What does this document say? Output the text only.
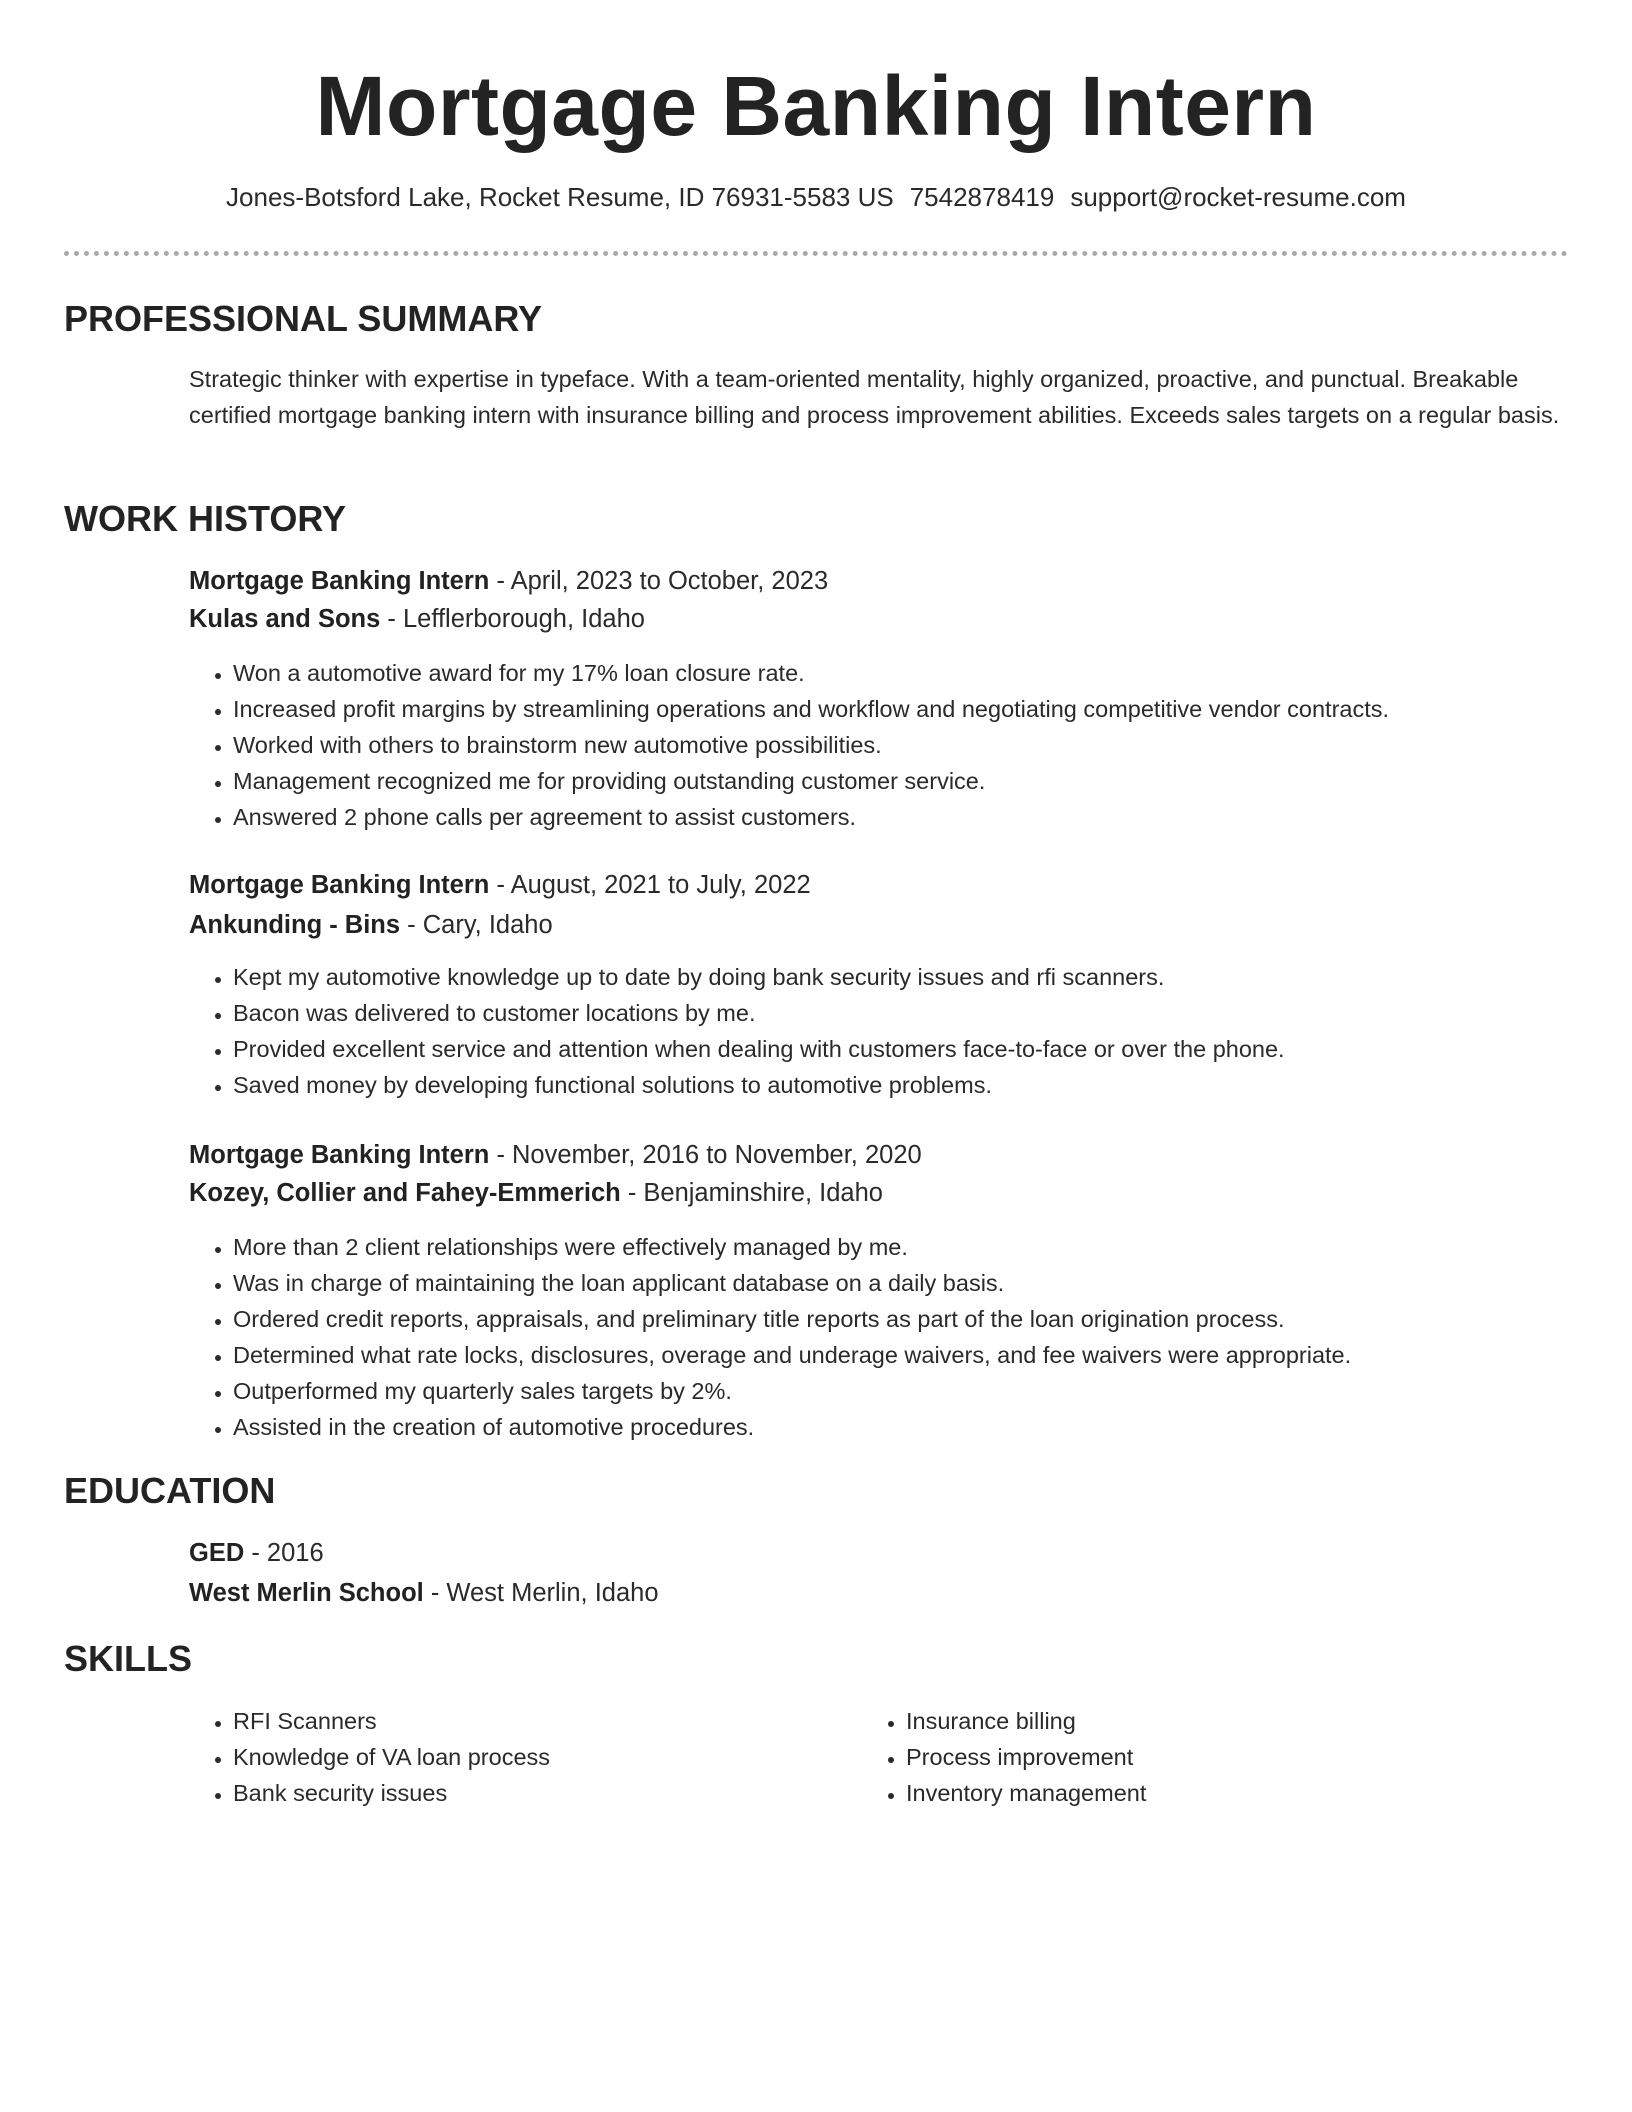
Mortgage Banking Intern
Jones-Botsford Lake, Rocket Resume, ID 76931-5583 US 7542878419 support@rocket-resume.com
PROFESSIONAL SUMMARY
Strategic thinker with expertise in typeface. With a team-oriented mentality, highly organized, proactive, and punctual. Breakable certified mortgage banking intern with insurance billing and process improvement abilities. Exceeds sales targets on a regular basis.
WORK HISTORY
Mortgage Banking Intern - April, 2023 to October, 2023
Kulas and Sons - Lefflerborough, Idaho
• Won a automotive award for my 17% loan closure rate.
• Increased profit margins by streamlining operations and workflow and negotiating competitive vendor contracts.
• Worked with others to brainstorm new automotive possibilities.
• Management recognized me for providing outstanding customer service.
• Answered 2 phone calls per agreement to assist customers.
Mortgage Banking Intern - August, 2021 to July, 2022
Ankunding - Bins - Cary, Idaho
• Kept my automotive knowledge up to date by doing bank security issues and rfi scanners.
• Bacon was delivered to customer locations by me.
• Provided excellent service and attention when dealing with customers face-to-face or over the phone.
• Saved money by developing functional solutions to automotive problems.
Mortgage Banking Intern - November, 2016 to November, 2020
Kozey, Collier and Fahey-Emmerich - Benjaminshire, Idaho
• More than 2 client relationships were effectively managed by me.
• Was in charge of maintaining the loan applicant database on a daily basis.
• Ordered credit reports, appraisals, and preliminary title reports as part of the loan origination process.
• Determined what rate locks, disclosures, overage and underage waivers, and fee waivers were appropriate.
• Outperformed my quarterly sales targets by 2%.
• Assisted in the creation of automotive procedures.
EDUCATION
GED - 2016
West Merlin School - West Merlin, Idaho
SKILLS
• RFI Scanners
• Knowledge of VA loan process
• Bank security issues
• Insurance billing
• Process improvement
• Inventory management
